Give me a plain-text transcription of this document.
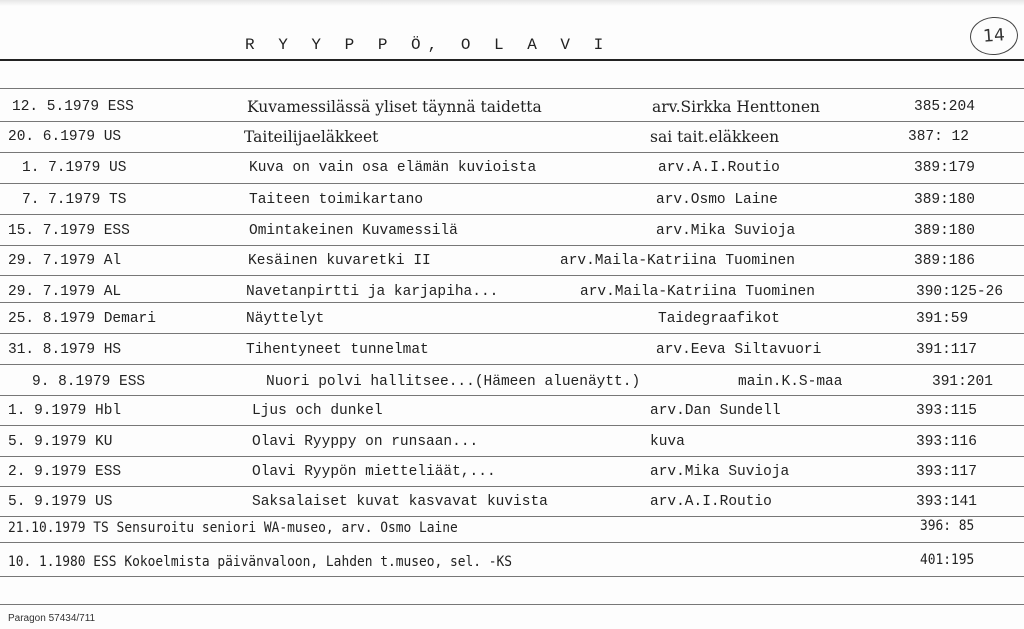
R Y Y P P Ö, O L A V I	14
12. 5.1979 ESS	Kuvamessilässä yliset täynnä taidetta	arv.Sirkka Henttonen	385:204
20. 6.1979 US	Taiteilijaeläkkeet	sai tait.eläkkeen	387: 12
1. 7.1979 US	Kuva on vain osa elämän kuvioista	arv.A.I.Routio	389:179
7. 7.1979 TS	Taiteen toimikartano	arv.Osmo Laine	389:180
15. 7.1979 ESS	Omintakeinen Kuvamessilä	arv.Mika Suvioja	389:180
29. 7.1979 Al	Kesäinen kuvaretki II	arv.Maila-Katriina Tuominen	389:186
29. 7.1979 AL	Navetanpirtti ja karjapiha...	arv.Maila-Katriina Tuominen	390:125-26
25. 8.1979 Demari	Näyttelyt	Taidegraafikot	391:59
31. 8.1979 HS	Tihentyneet tunnelmat	arv.Eeva Siltavuori	391:117
9. 8.1979 ESS	Nuori polvi hallitsee...(Hämeen aluenäytt.)	main.K.S-maa	391:201
1. 9.1979 Hbl	Ljus och dunkel	arv.Dan Sundell	393:115
5. 9.1979 KU	Olavi Ryyppy on runsaan...	kuva	393:116
2. 9.1979 ESS	Olavi Ryypön mietteliäät,...	arv.Mika Suvioja	393:117
5. 9.1979 US	Saksalaiset kuvat kasvavat kuvista	arv.A.I.Routio	393:141
21.10.1979 TS Sensuroitu seniori WA-museo, arv. Osmo Laine	396: 85
10. 1.1980 ESS Kokoelmista päivänvaloon, Lahden t.museo, sel. -KS	401:195
Paragon 57434/711
